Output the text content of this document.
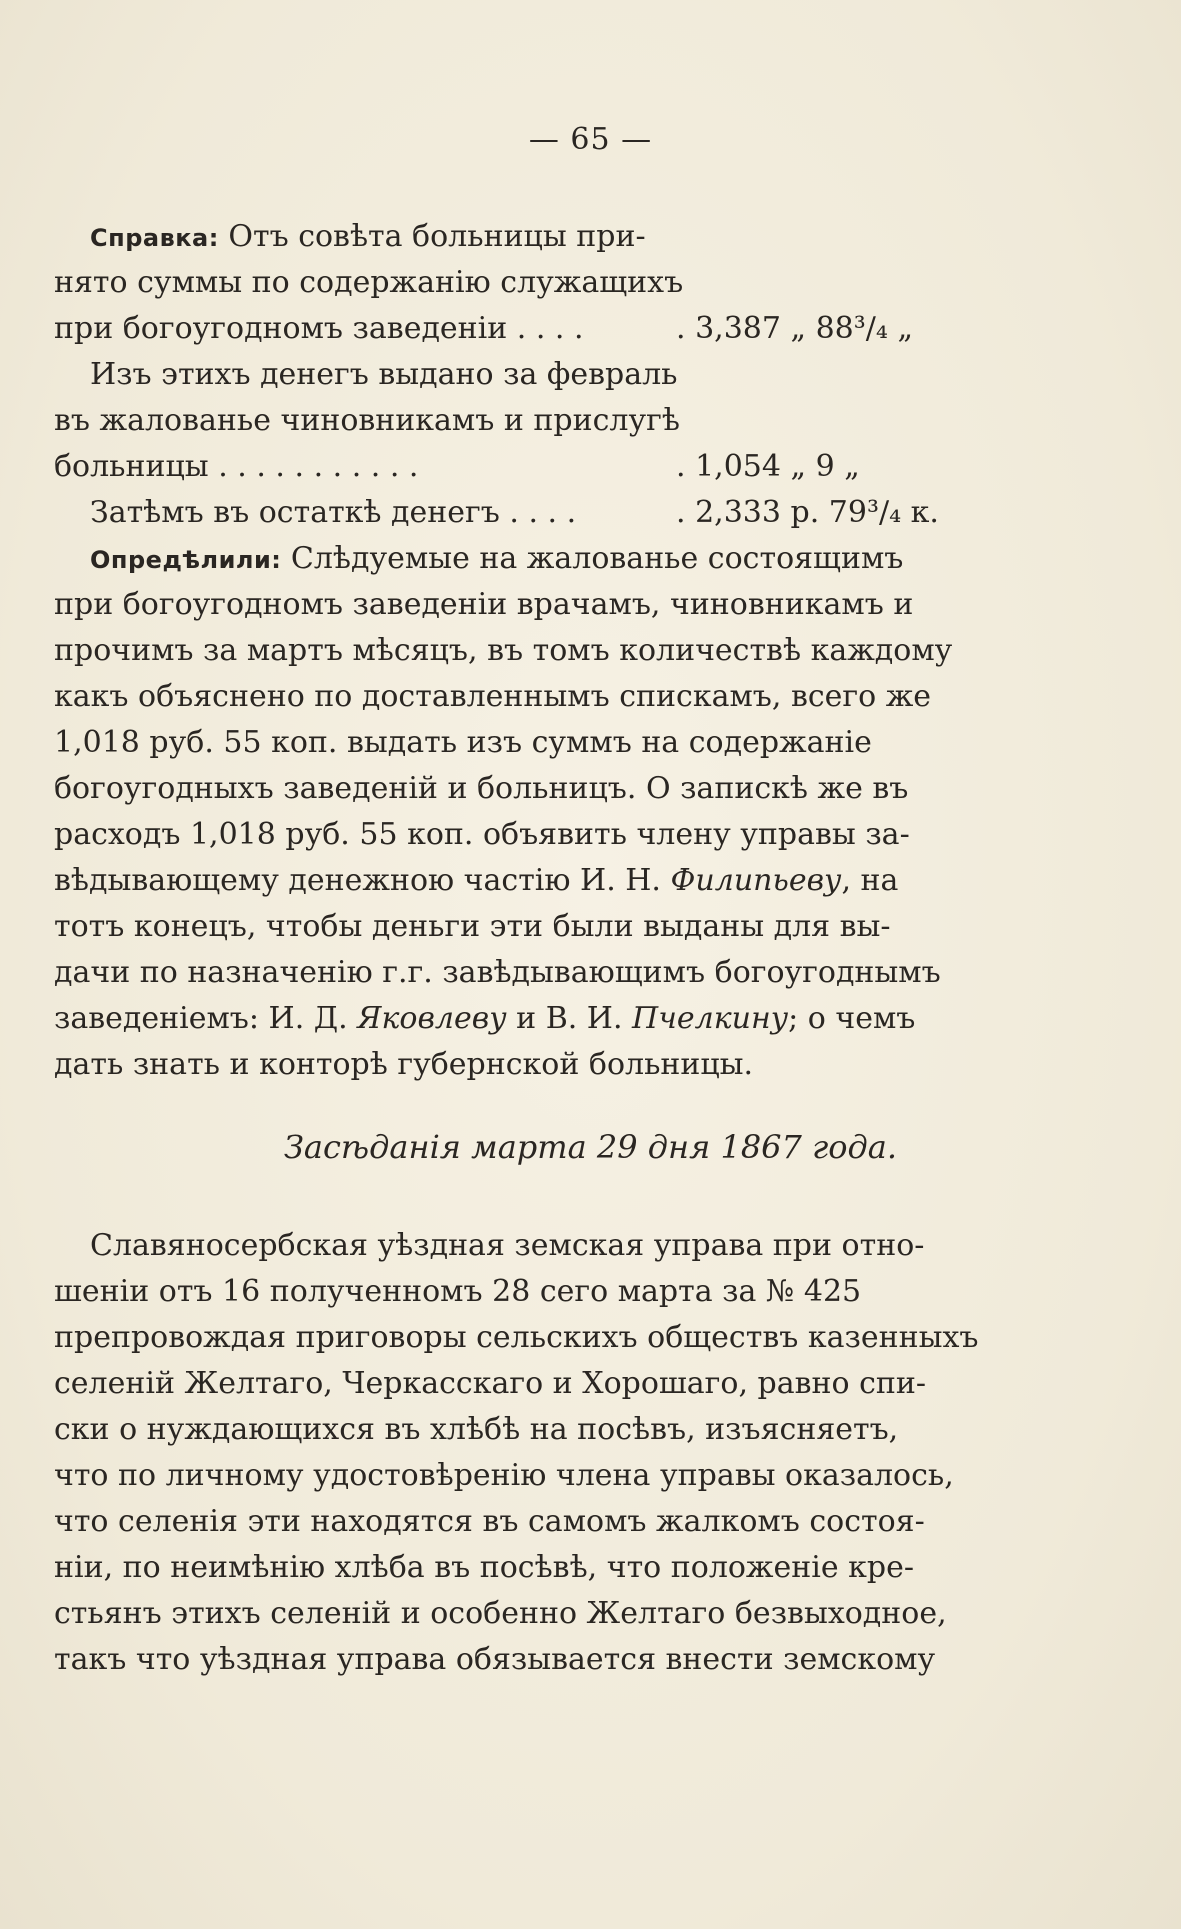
— 65 —
Справка: Отъ совѣта больницы при-
нято суммы по содержанію служащихъ
при богоугодномъ заведеніи . . . .	. 3,387 „ 88³/₄ „
Изъ этихъ денегъ выдано за февраль
въ жалованье чиновникамъ и прислугѣ
больницы . . . . . . . . . . .	. 1,054 „ 9 „
Затѣмъ въ остаткѣ денегъ . . . .	. 2,333 р. 79³/₄ к.
Опредѣлили: Слѣдуемые на жалованье состоящимъ
при богоугодномъ заведеніи врачамъ, чиновникамъ и
прочимъ за мартъ мѣсяцъ, въ томъ количествѣ каждому
какъ объяснено по доставленнымъ спискамъ, всего же
1,018 руб. 55 коп. выдать изъ суммъ на содержаніе
богоугодныхъ заведеній и больницъ. О запискѣ же въ
расходъ 1,018 руб. 55 коп. объявить члену управы за-
вѣдывающему денежною частію И. Н. Филипьеву, на
тотъ конецъ, чтобы деньги эти были выданы для вы-
дачи по назначенію г.г. завѣдывающимъ богоугоднымъ
заведеніемъ: И. Д. Яковлеву и В. И. Пчелкину; о чемъ
дать знать и конторѣ губернской больницы.
Засѣданія марта 29 дня 1867 года.
Славяносербская уѣздная земская управа при отно-
шеніи отъ 16 полученномъ 28 сего марта за № 425
препровождая приговоры сельскихъ обществъ казенныхъ
селеній Желтаго, Черкасскаго и Хорошаго, равно спи-
ски о нуждающихся въ хлѣбѣ на посѣвъ, изъясняетъ,
что по личному удостовѣренію члена управы оказалось,
что селенія эти находятся въ самомъ жалкомъ состоя-
ніи, по неимѣнію хлѣба въ посѣвѣ, что положеніе кре-
стьянъ этихъ селеній и особенно Желтаго безвыходное,
такъ что уѣздная управа обязывается внести земскому
